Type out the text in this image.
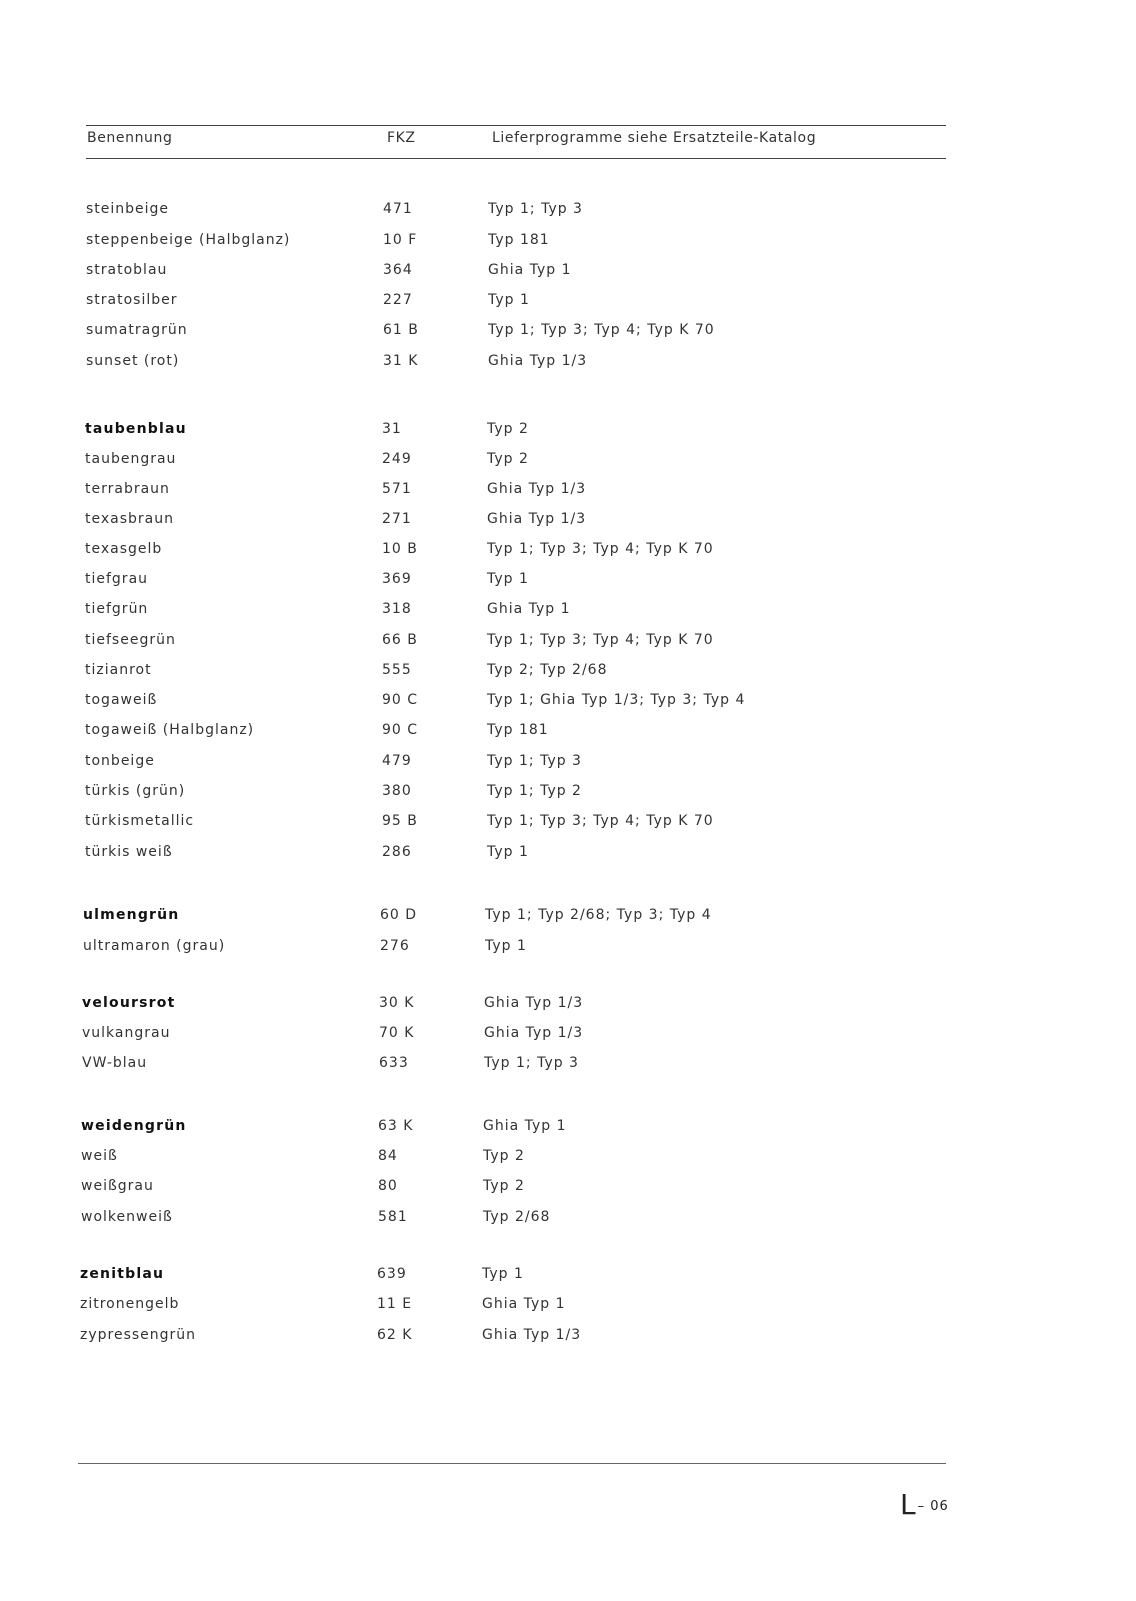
Benennung	FKZ	Lieferprogramme siehe Ersatzteile-Katalog
steinbeige	471	Typ 1; Typ 3
steppenbeige (Halbglanz)	10 F	Typ 181
stratoblau	364	Ghia Typ 1
stratosilber	227	Typ 1
sumatragrün	61 B	Typ 1; Typ 3; Typ 4; Typ K 70
sunset (rot)	31 K	Ghia Typ 1/3
taubenblau	31	Typ 2
taubengrau	249	Typ 2
terrabraun	571	Ghia Typ 1/3
texasbraun	271	Ghia Typ 1/3
texasgelb	10 B	Typ 1; Typ 3; Typ 4; Typ K 70
tiefgrau	369	Typ 1
tiefgrün	318	Ghia Typ 1
tiefseegrün	66 B	Typ 1; Typ 3; Typ 4; Typ K 70
tizianrot	555	Typ 2; Typ 2/68
togaweiß	90 C	Typ 1; Ghia Typ 1/3; Typ 3; Typ 4
togaweiß (Halbglanz)	90 C	Typ 181
tonbeige	479	Typ 1; Typ 3
türkis (grün)	380	Typ 1; Typ 2
türkismetallic	95 B	Typ 1; Typ 3; Typ 4; Typ K 70
türkis weiß	286	Typ 1
ulmengrün	60 D	Typ 1; Typ 2/68; Typ 3; Typ 4
ultramaron (grau)	276	Typ 1
veloursrot	30 K	Ghia Typ 1/3
vulkangrau	70 K	Ghia Typ 1/3
VW-blau	633	Typ 1; Typ 3
weidengrün	63 K	Ghia Typ 1
weiß	84	Typ 2
weißgrau	80	Typ 2
wolkenweiß	581	Typ 2/68
zenitblau	639	Typ 1
zitronengelb	11 E	Ghia Typ 1
zypressengrün	62 K	Ghia Typ 1/3
L – 06
